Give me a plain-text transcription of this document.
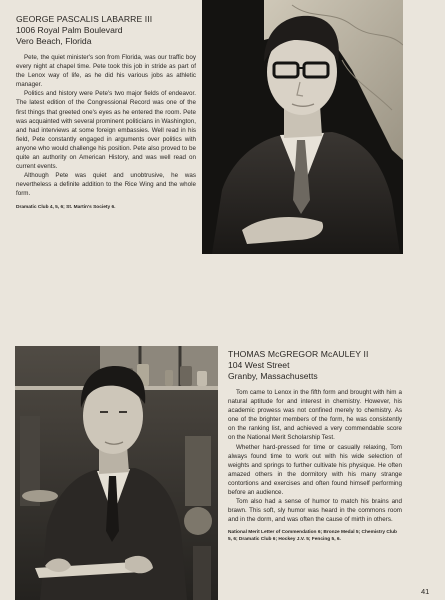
GEORGE PASCALIS LABARRE III
1006 Royal Palm Boulevard
Vero Beach, Florida

Pete, the quiet minister's son from Florida, was our traffic boy every night at chapel time. Pete took this job in stride as part of the Lenox way of life, as he did his various jobs as athletic manager.

Politics and history were Pete's two major fields of endeavor. The latest edition of the Congressional Record was one of the first things that greeted one's eyes as he entered the room. Pete was acquainted with several prominent politicians in Washington, and had interviews at some foreign embassies. Well read in his field, Pete constantly engaged in arguments over politics with anyone who would challenge his position. Pete also proved to be quite an authority on American History, and was well read on current events.

Although Pete was quiet and unobtrusive, he was nevertheless a definite addition to the Rice Wing and the whole form.

Dramatic Club 4, 5, 6; St. Martin's Society 6.
THOMAS McGREGOR McAULEY II
104 West Street
Granby, Massachusetts

Tom came to Lenox in the fifth form and brought with him a natural aptitude for and interest in chemistry. However, his academic prowess was not confined merely to chemistry. As one of the brighter members of the form, he was consistently on the ranking list, and achieved a very commendable score on the National Merit Scholarship Test.

Whether hard-pressed for time or casually relaxing, Tom always found time to work out with his wide selection of weights and springs to further cultivate his physique. He often amazed others in the dormitory with his many strange contortions and exercises and often found himself performing before an audience.

Tom also had a sense of humor to match his brains and brawn. This soft, sly humor was heard in the commons room and in the dorm, and was often the cause of mirth in others.

National Merit Letter of Commendation 6; Bronze Medal 5; Chemistry Club 5, 6; Dramatic Club 6; Hockey J.V. 5; Fencing 5, 6.
41
